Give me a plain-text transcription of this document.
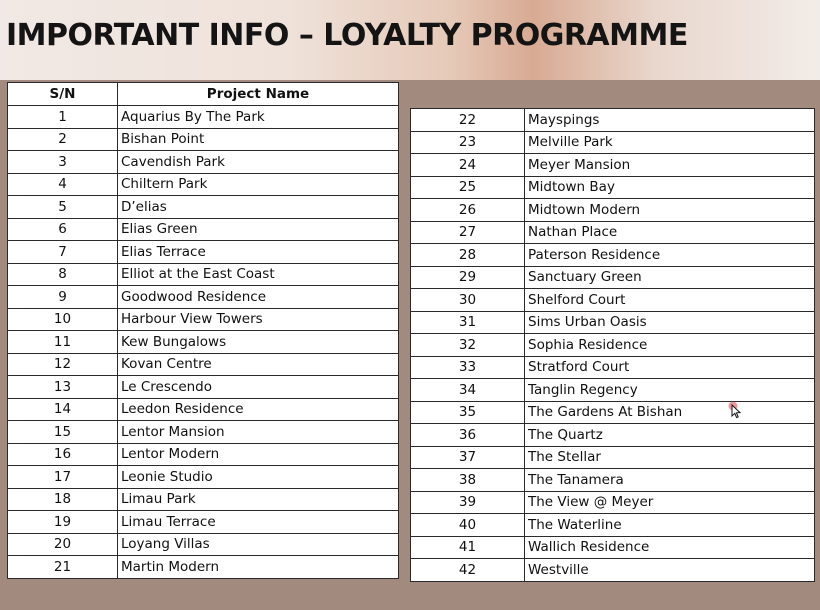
IMPORTANT INFO – LOYALTY PROGRAMME
S/N	Project Name
1	Aquarius By The Park
2	Bishan Point
3	Cavendish Park
4	Chiltern Park
5	D’elias
6	Elias Green
7	Elias Terrace
8	Elliot at the East Coast
9	Goodwood Residence
10	Harbour View Towers
11	Kew Bungalows
12	Kovan Centre
13	Le Crescendo
14	Leedon Residence
15	Lentor Mansion
16	Lentor Modern
17	Leonie Studio
18	Limau Park
19	Limau Terrace
20	Loyang Villas
21	Martin Modern
22	Mayspings
23	Melville Park
24	Meyer Mansion
25	Midtown Bay
26	Midtown Modern
27	Nathan Place
28	Paterson Residence
29	Sanctuary Green
30	Shelford Court
31	Sims Urban Oasis
32	Sophia Residence
33	Stratford Court
34	Tanglin Regency
35	The Gardens At Bishan
36	The Quartz
37	The Stellar
38	The Tanamera
39	The View @ Meyer
40	The Waterline
41	Wallich Residence
42	Westville
